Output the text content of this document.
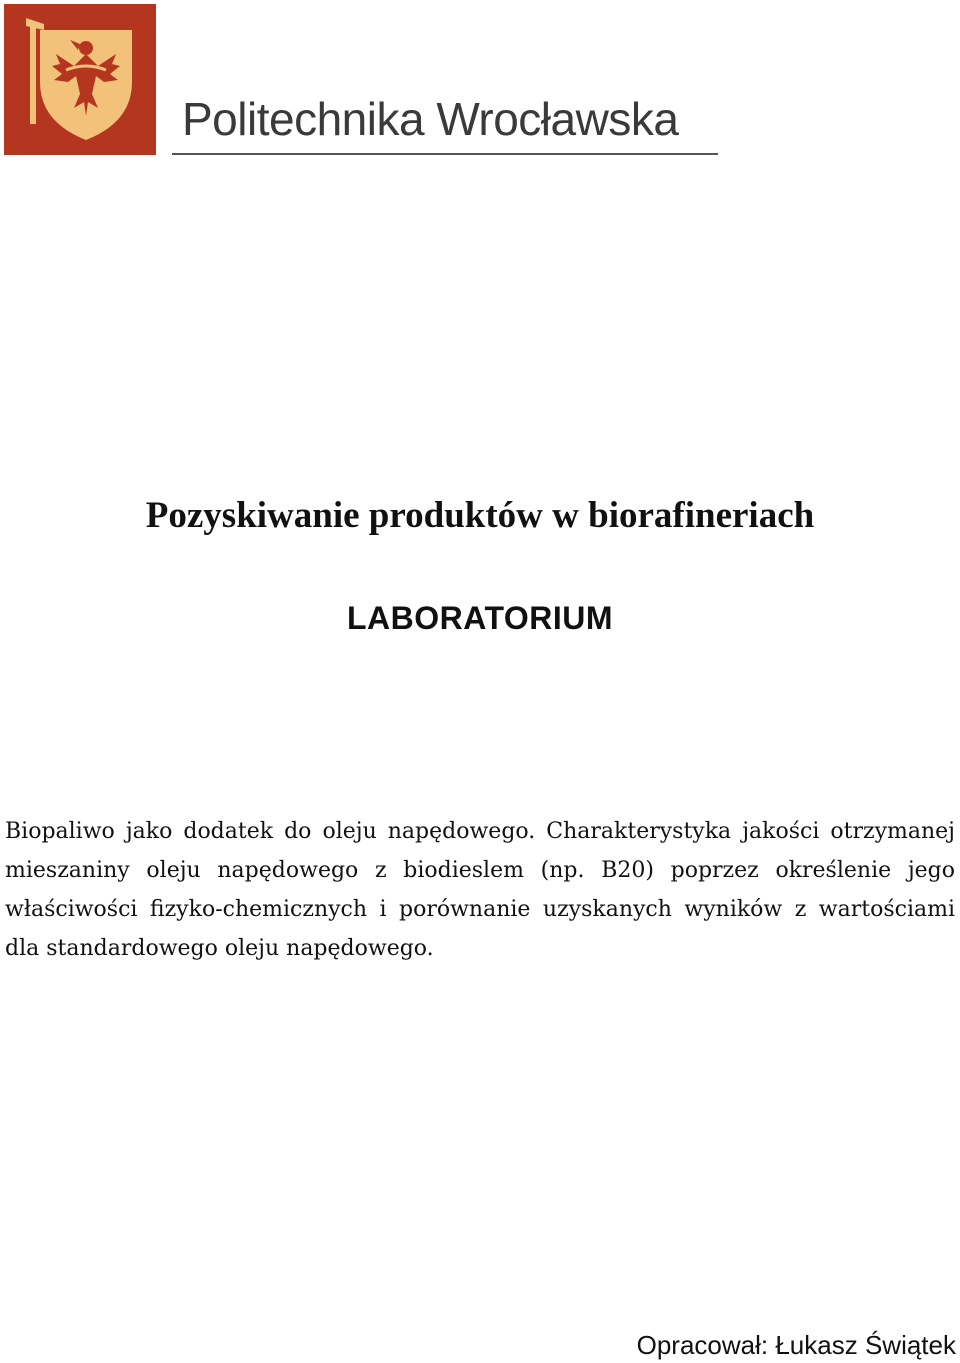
Politechnika Wrocławska
Pozyskiwanie produktów w biorafineriach
LABORATORIUM
Biopaliwo jako dodatek do oleju napędowego. Charakterystyka jakości otrzymanej mieszaniny oleju napędowego z biodieslem (np. B20) poprzez określenie jego właściwości fizyko-chemicznych i porównanie uzyskanych wyników z wartościami dla standardowego oleju napędowego.
Opracował: Łukasz Świątek
